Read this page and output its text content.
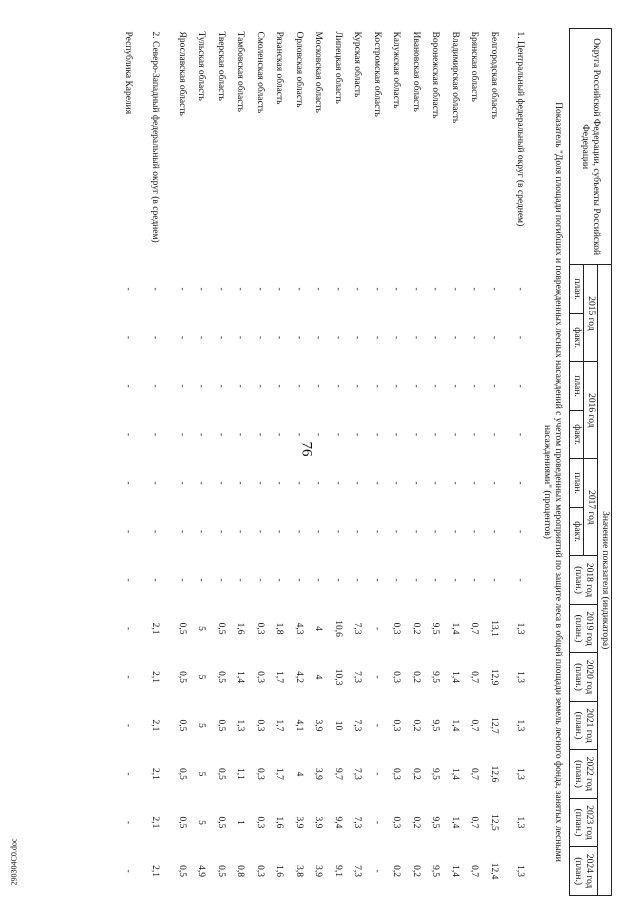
76
290304C0.doc
Округа Российской Федерации, субъекты Российской Федерации	Значение показателя (индикатора)												
	2015 год		2016 год		2017 год		2018 год (план.)	2019 год (план.)	2020 год (план.)	2021 год (план.)	2022 год (план.)	2023 год (план.)	2024 год (план.)
	план.	факт.	план.	факт.	план.	факт.							
Показатель "Доля площади погибших и поврежденных лесных насаждений с учетом проведенных мероприятий по защите леса в общей площади земель лесного фонда, занятых лесными насаждениями" (процентов)													
1. Центральный федеральный округ (в среднем)	-	-	-	-	-	-	-	1,3	1,3	1,3	1,3	1,3	1,3
Белгородская область	-	-	-	-	-	-	-	13,1	12,9	12,7	12,6	12,5	12,4
Брянская область	-	-	-	-	-	-	-	0,7	0,7	0,7	0,7	0,7	0,7
Владимирская область	-	-	-	-	-	-	-	1,4	1,4	1,4	1,4	1,4	1,4
Воронежская область	-	-	-	-	-	-	-	9,5	9,5	9,5	9,5	9,5	9,5
Ивановская область	-	-	-	-	-	-	-	0,2	0,2	0,2	0,2	0,2	0,2
Калужская область	-	-	-	-	-	-	-	0,3	0,3	0,3	0,3	0,3	0,2
Костромская область	-	-	-	-	-	-	-	-	-	-	-	-	-
Курская область	-	-	-	-	-	-	-	7,3	7,3	7,3	7,3	7,3	7,3
Липецкая область	-	-	-	-	-	-	-	10,6	10,3	10	9,7	9,4	9,1
Московская область	-	-	-	-	-	-	-	4	4	3,9	3,9	3,9	3,9
Орловская область	-	-	-	-	-	-	-	4,3	4,2	4,1	4	3,9	3,8
Рязанская область	-	-	-	-	-	-	-	1,8	1,7	1,7	1,7	1,6	1,6
Смоленская область	-	-	-	-	-	-	-	0,3	0,3	0,3	0,3	0,3	0,3
Тамбовская область	-	-	-	-	-	-	-	1,6	1,4	1,3	1,1	1	0,8
Тверская область	-	-	-	-	-	-	-	0,5	0,5	0,5	0,5	0,5	0,5
Тульская область	-	-	-	-	-	-	-	5	5	5	5	5	4,9
Ярославская область	-	-	-	-	-	-	-	0,5	0,5	0,5	0,5	0,5	0,5
2. Северо-Западный федеральный округ (в среднем)	-	-	-	-	-	-	-	2,1	2,1	2,1	2,1	2,1	2,1
Республика Карелия	-	-	-	-	-	-	-	-	-	-	-	-	-
